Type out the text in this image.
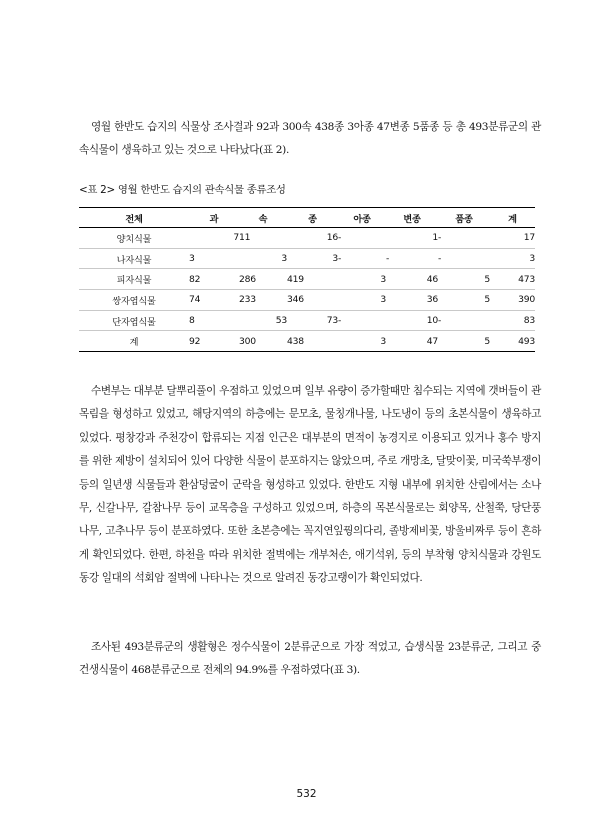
영월 한반도 습지의 식물상 조사결과 92과 300속 438종 3아종 47변종 5품종 등 총 493분류군의 관속식물이 생육하고 있는 것으로 나타났다(표 2).

<표 2> 영월 한반도 습지의 관속식물 종류조성

전체	과	속	종	아종	변종	품종	계
양치식물	7	11	16	-	1	-	17
나자식물	3	3	3	-	-	-	3
피자식물	82	286	419	3	46	5	473
쌍자엽식물	74	233	346	3	36	5	390
단자엽식물	8	53	73	-	10	-	83
계	92	300	438	3	47	5	493

수변부는 대부분 달뿌리풀이 우점하고 있었으며 일부 유량이 증가할때만 침수되는 지역에 갯버들이 관목림을 형성하고 있었고, 해당지역의 하층에는 문모초, 물칭개나물, 나도냉이 등의 초본식물이 생육하고 있었다. 평창강과 주천강이 합류되는 지점 인근은 대부분의 면적이 농경지로 이용되고 있거나 홍수 방지를 위한 제방이 설치되어 있어 다양한 식물이 분포하지는 않았으며, 주로 개망초, 달맞이꽃, 미국쑥부쟁이 등의 일년생 식물들과 환삼덩굴이 군락을 형성하고 있었다. 한반도 지형 내부에 위치한 산림에서는 소나무, 신갈나무, 갈참나무 등이 교목층을 구성하고 있었으며, 하층의 목본식물로는 회양목, 산철쭉, 당단풍나무, 고추나무 등이 분포하였다. 또한 초본층에는 꼭지연잎꿩의다리, 졸방제비꽃, 방울비짜루 등이 흔하게 확인되었다. 한편, 하천을 따라 위치한 절벽에는 개부처손, 애기석위, 등의 부착형 양치식물과 강원도 동강 일대의 석회암 절벽에 나타나는 것으로 알려진 동강고랭이가 확인되었다.

조사된 493분류군의 생활형은 정수식물이 2분류군으로 가장 적었고, 습생식물 23분류군, 그리고 중건생식물이 468분류군으로 전체의 94.9%를 우점하였다(표 3).

532
